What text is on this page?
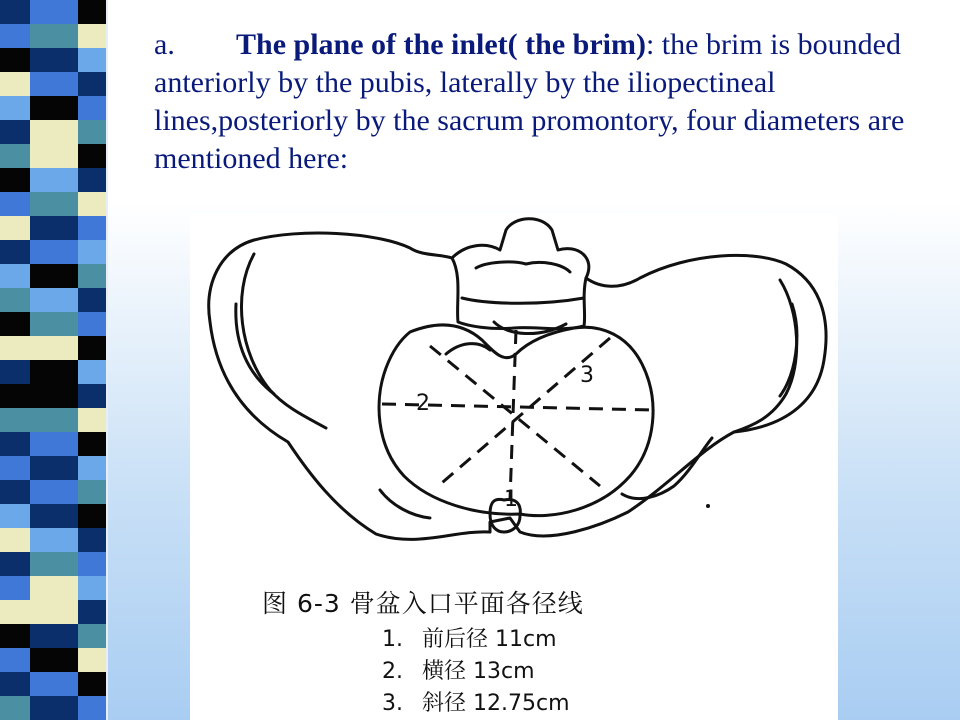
a. The plane of the inlet( the brim): the brim is bounded anteriorly by the pubis, laterally by the iliopectineal lines,posteriorly by the sacrum promontory, four diameters are mentioned here:
1
2
3
图 6-3 骨盆入口平面各径线
1. 前后径 11cm
2. 横径 13cm
3. 斜径 12.75cm
